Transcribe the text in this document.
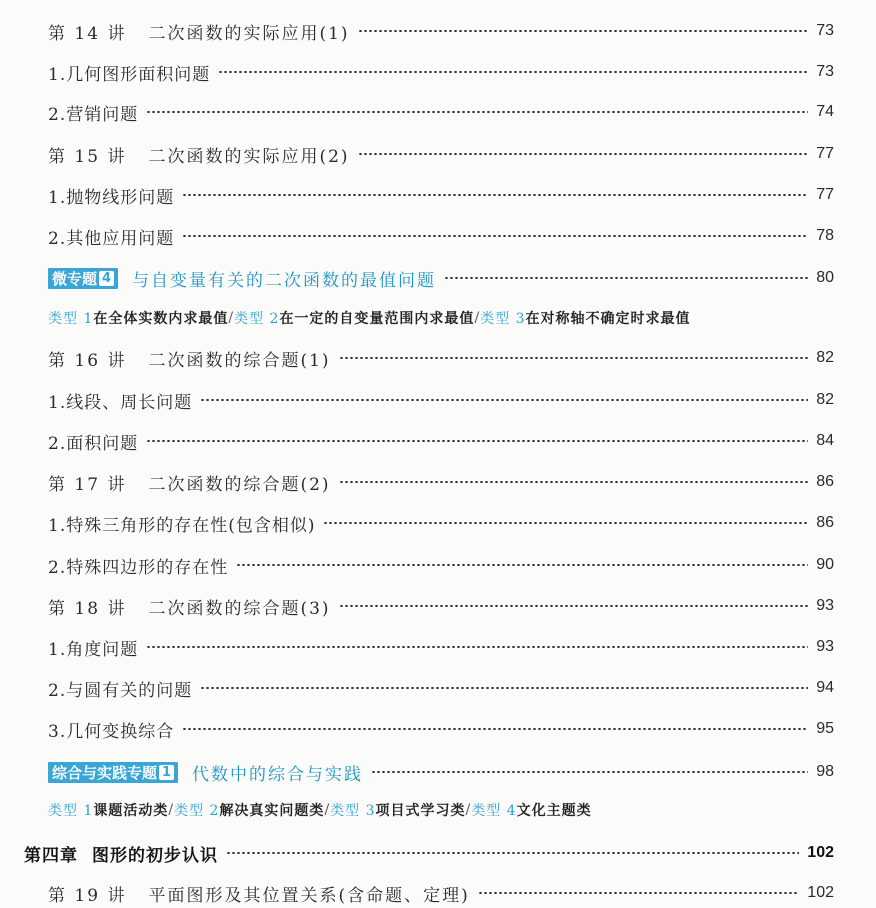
第 14 讲 二次函数的实际应用(1)	73
1.几何图形面积问题	73
2.营销问题	74
第 15 讲 二次函数的实际应用(2)	77
1.抛物线形问题	77
2.其他应用问题	78
微专题 4 与自变量有关的二次函数的最值问题	80
类型 1 在全体实数内求最值 / 类型 2 在一定的自变量范围内求最值 / 类型 3 在对称轴不确定时求最值
第 16 讲 二次函数的综合题(1)	82
1.线段、周长问题	82
2.面积问题	84
第 17 讲 二次函数的综合题(2)	86
1.特殊三角形的存在性(包含相似)	86
2.特殊四边形的存在性	90
第 18 讲 二次函数的综合题(3)	93
1.角度问题	93
2.与圆有关的问题	94
3.几何变换综合	95
综合与实践专题 1 代数中的综合与实践	98
类型 1 课题活动类 / 类型 2 解决真实问题类 / 类型 3 项目式学习类 / 类型 4 文化主题类
第四章 图形的初步认识	102
第 19 讲 平面图形及其位置关系(含命题、定理)	102
